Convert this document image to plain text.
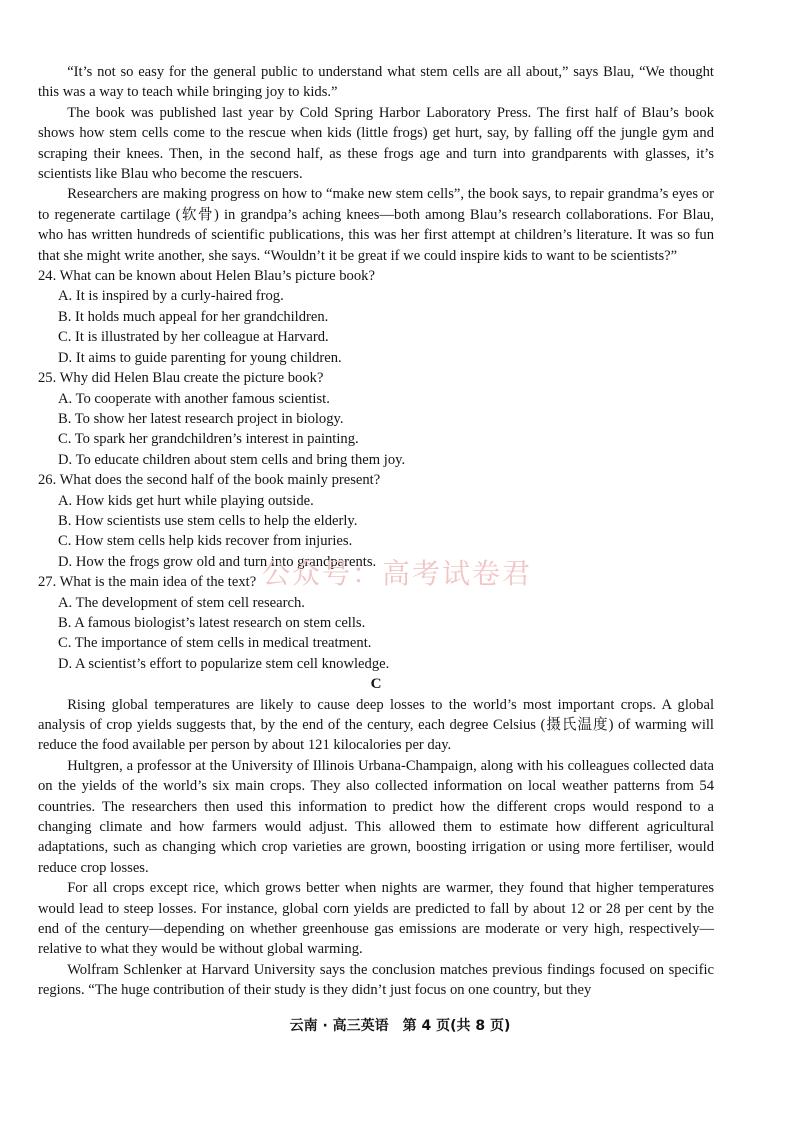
“It’s not so easy for the general public to understand what stem cells are all about,” says Blau, “We thought this was a way to teach while bringing joy to kids.”

The book was published last year by Cold Spring Harbor Laboratory Press. The first half of Blau’s book shows how stem cells come to the rescue when kids (little frogs) get hurt, say, by falling off the jungle gym and scraping their knees. Then, in the second half, as these frogs age and turn into grandparents with glasses, it’s scientists like Blau who become the rescuers.

Researchers are making progress on how to “make new stem cells”, the book says, to repair grandma’s eyes or to regenerate cartilage (软骨) in grandpa’s aching knees—both among Blau’s research collaborations. For Blau, who has written hundreds of scientific publications, this was her first attempt at children’s literature. It was so fun that she might write another, she says. “Wouldn’t it be great if we could inspire kids to want to be scientists?”

24. What can be known about Helen Blau’s picture book?

A. It is inspired by a curly-haired frog.

B. It holds much appeal for her grandchildren.

C. It is illustrated by her colleague at Harvard.

D. It aims to guide parenting for young children.

25. Why did Helen Blau create the picture book?

A. To cooperate with another famous scientist.

B. To show her latest research project in biology.

C. To spark her grandchildren’s interest in painting.

D. To educate children about stem cells and bring them joy.

26. What does the second half of the book mainly present?

A. How kids get hurt while playing outside.

B. How scientists use stem cells to help the elderly.

C. How stem cells help kids recover from injuries.

D. How the frogs grow old and turn into grandparents.

27. What is the main idea of the text?

A. The development of stem cell research.

B. A famous biologist’s latest research on stem cells.

C. The importance of stem cells in medical treatment.

D. A scientist’s effort to popularize stem cell knowledge.

C

Rising global temperatures are likely to cause deep losses to the world’s most important crops. A global analysis of crop yields suggests that, by the end of the century, each degree Celsius (摄氏温度) of warming will reduce the food available per person by about 121 kilocalories per day.

Hultgren, a professor at the University of Illinois Urbana-Champaign, along with his colleagues collected data on the yields of the world’s six main crops. They also collected information on local weather patterns from 54 countries. The researchers then used this information to predict how the different crops would respond to a changing climate and how farmers would adjust. This allowed them to estimate how different agricultural adaptations, such as changing which crop varieties are grown, boosting irrigation or using more fertiliser, would reduce crop losses.

For all crops except rice, which grows better when nights are warmer, they found that higher temperatures would lead to steep losses. For instance, global corn yields are predicted to fall by about 12 or 28 per cent by the end of the century—depending on whether greenhouse gas emissions are moderate or very high, respectively—relative to what they would be without global warming.

Wolfram Schlenker at Harvard University says the conclusion matches previous findings focused on specific regions. “The huge contribution of their study is they didn’t just focus on one country, but they

公众号：高考试卷君
云南 · 高三英语　第 4 页(共 8 页)
